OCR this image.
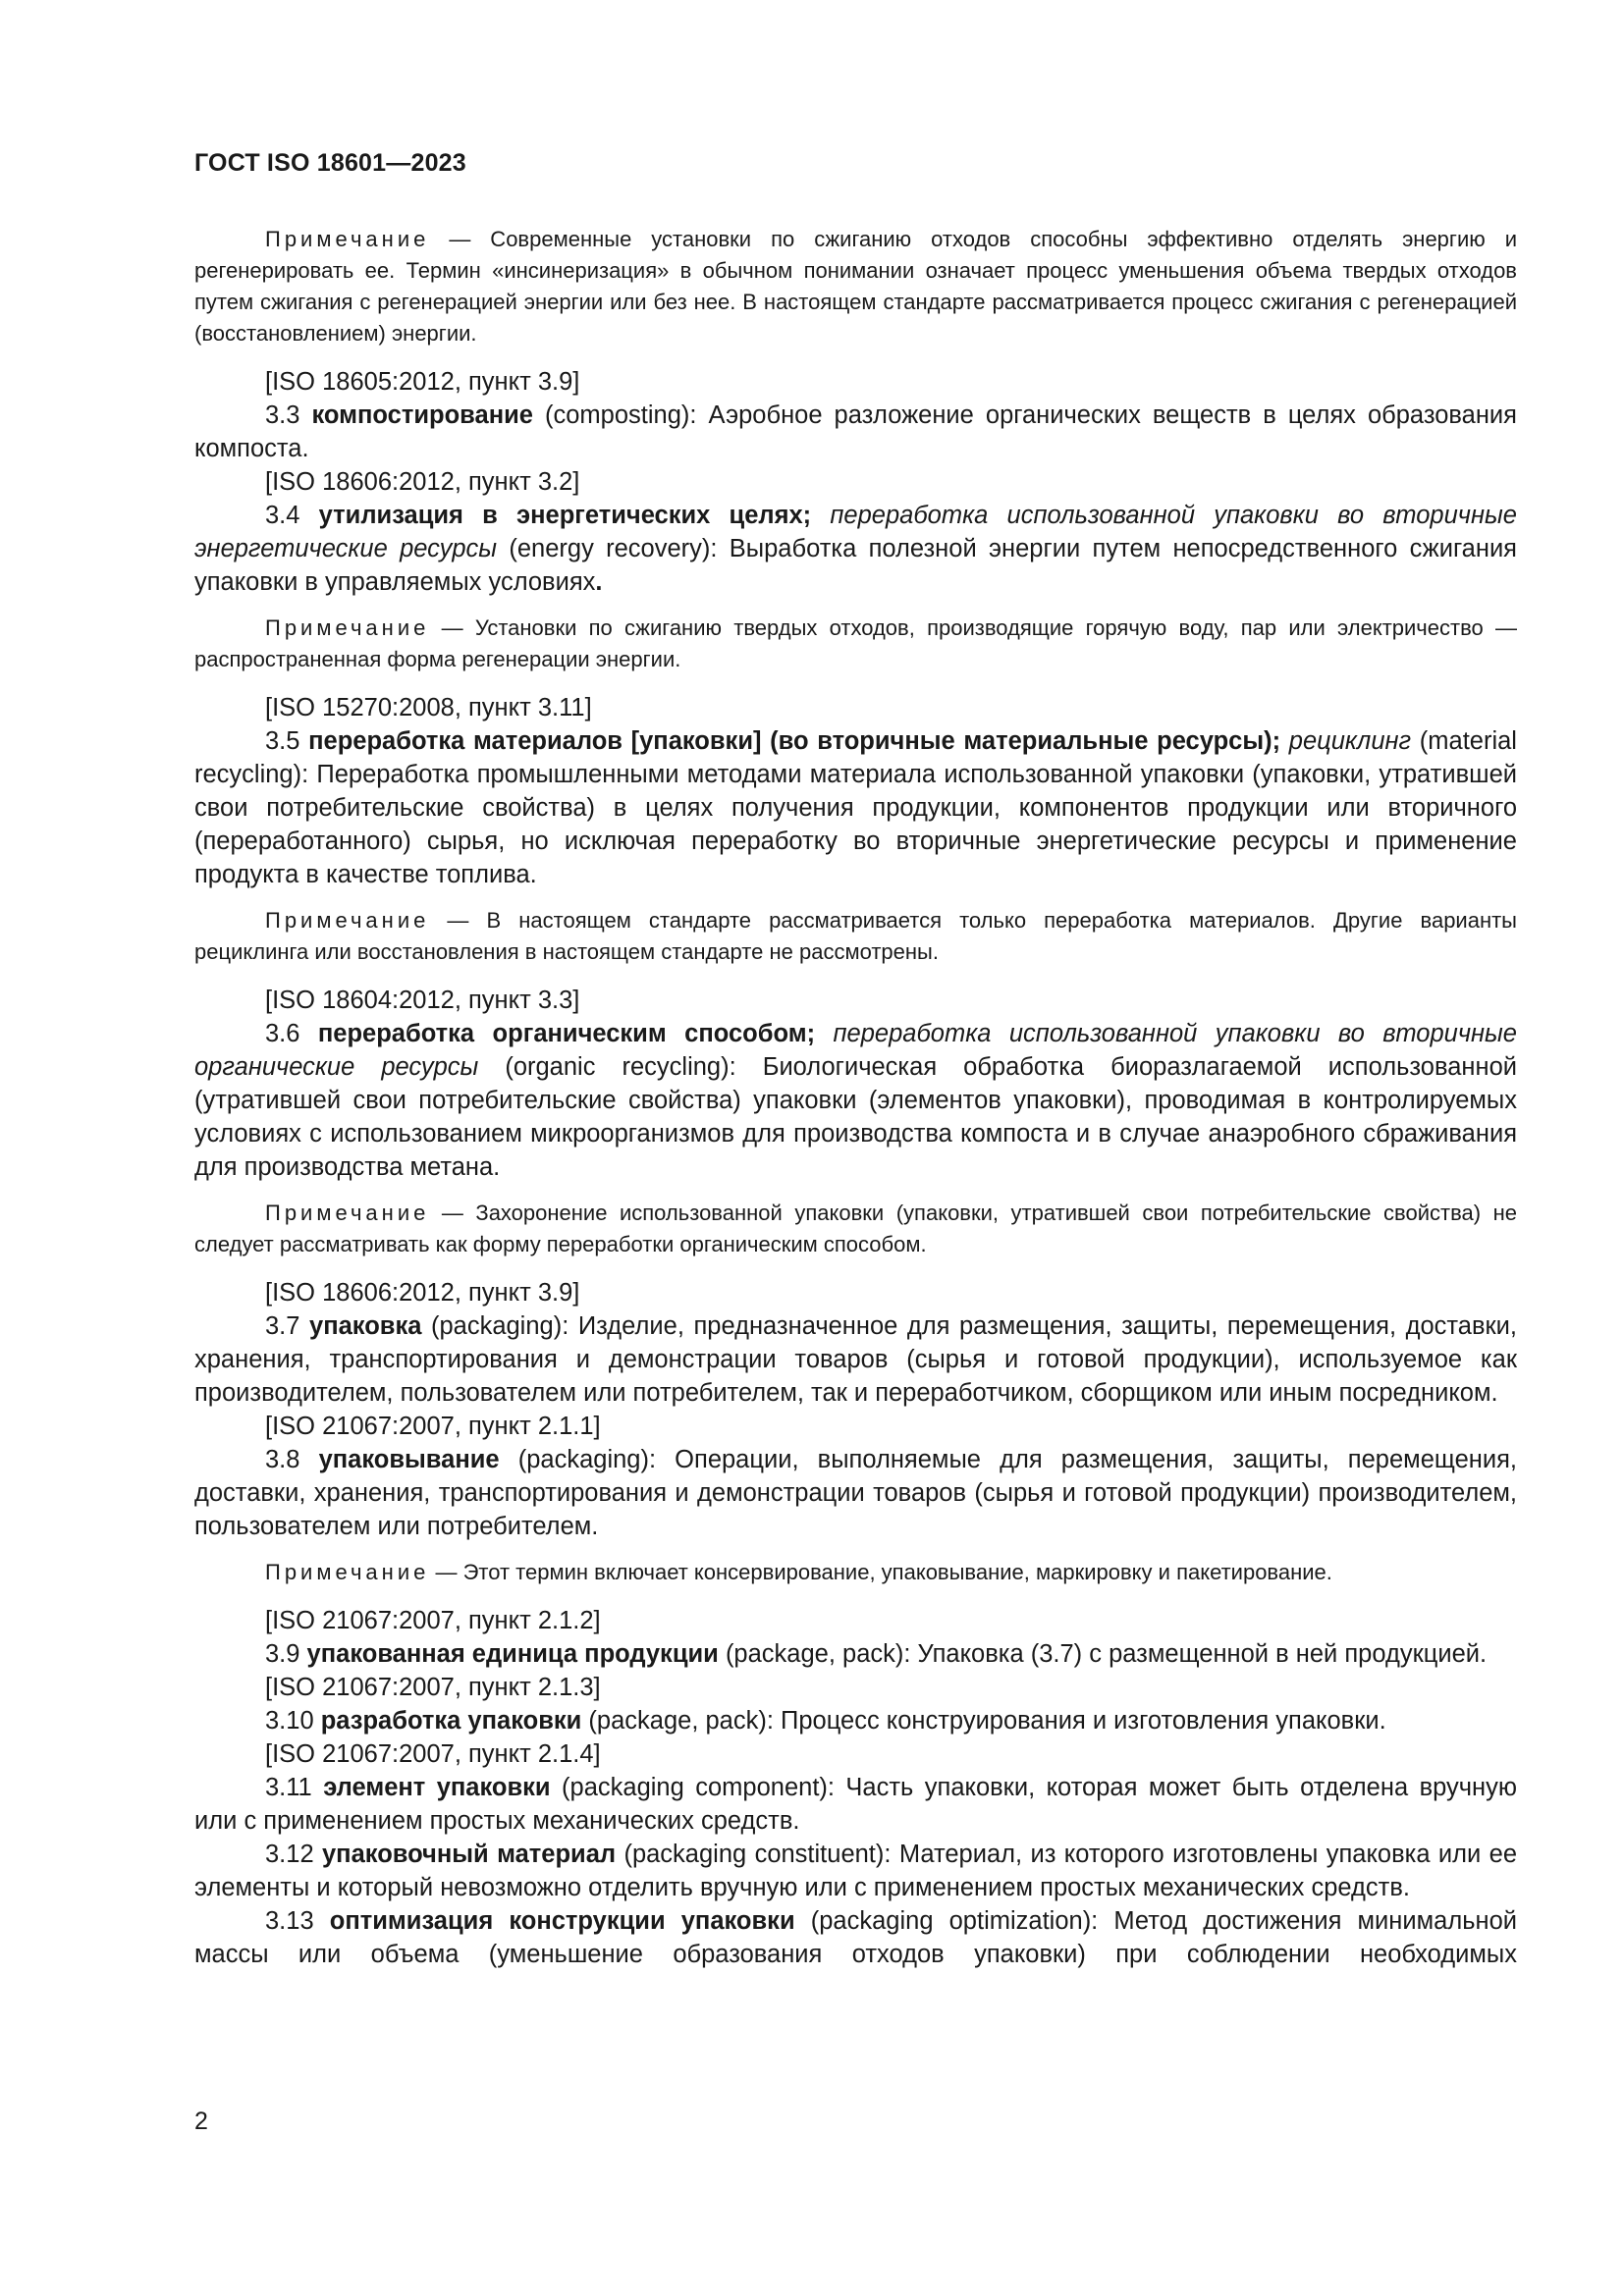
ГОСТ ISO 18601—2023

Примечание — Современные установки по сжиганию отходов способны эффективно отделять энергию и регенерировать ее. Термин «инсинеризация» в обычном понимании означает процесс уменьшения объема твердых отходов путем сжигания с регенерацией энергии или без нее. В настоящем стандарте рассматривается процесс сжигания с регенерацией (восстановлением) энергии.

[ISO 18605:2012, пункт 3.9]

3.3 компостирование (composting): Аэробное разложение органических веществ в целях образования компоста.

[ISO 18606:2012, пункт 3.2]

3.4 утилизация в энергетических целях; переработка использованной упаковки во вторичные энергетические ресурсы (energy recovery): Выработка полезной энергии путем непосредственного сжигания упаковки в управляемых условиях.

Примечание — Установки по сжиганию твердых отходов, производящие горячую воду, пар или электричество — распространенная форма регенерации энергии.

[ISO 15270:2008, пункт 3.11]

3.5 переработка материалов [упаковки] (во вторичные материальные ресурсы); рециклинг (material recycling): Переработка промышленными методами материала использованной упаковки (упаковки, утратившей свои потребительские свойства) в целях получения продукции, компонентов продукции или вторичного (переработанного) сырья, но исключая переработку во вторичные энергетические ресурсы и применение продукта в качестве топлива.

Примечание — В настоящем стандарте рассматривается только переработка материалов. Другие варианты рециклинга или восстановления в настоящем стандарте не рассмотрены.

[ISO 18604:2012, пункт 3.3]

3.6 переработка органическим способом; переработка использованной упаковки во вторичные органические ресурсы (organic recycling): Биологическая обработка биоразлагаемой использованной (утратившей свои потребительские свойства) упаковки (элементов упаковки), проводимая в контролируемых условиях с использованием микроорганизмов для производства компоста и в случае анаэробного сбраживания для производства метана.

Примечание — Захоронение использованной упаковки (упаковки, утратившей свои потребительские свойства) не следует рассматривать как форму переработки органическим способом.

[ISO 18606:2012, пункт 3.9]

3.7 упаковка (packaging): Изделие, предназначенное для размещения, защиты, перемещения, доставки, хранения, транспортирования и демонстрации товаров (сырья и готовой продукции), используемое как производителем, пользователем или потребителем, так и переработчиком, сборщиком или иным посредником.

[ISO 21067:2007, пункт 2.1.1]

3.8 упаковывание (packaging): Операции, выполняемые для размещения, защиты, перемещения, доставки, хранения, транспортирования и демонстрации товаров (сырья и готовой продукции) производителем, пользователем или потребителем.

Примечание — Этот термин включает консервирование, упаковывание, маркировку и пакетирование.

[ISO 21067:2007, пункт 2.1.2]

3.9 упакованная единица продукции (package, pack): Упаковка (3.7) с размещенной в ней продукцией.

[ISO 21067:2007, пункт 2.1.3]

3.10 разработка упаковки (package, pack): Процесс конструирования и изготовления упаковки.

[ISO 21067:2007, пункт 2.1.4]

3.11 элемент упаковки (packaging component): Часть упаковки, которая может быть отделена вручную или с применением простых механических средств.

3.12 упаковочный материал (packaging constituent): Материал, из которого изготовлены упаковка или ее элементы и который невозможно отделить вручную или с применением простых механических средств.

3.13 оптимизация конструкции упаковки (packaging optimization): Метод достижения минимальной массы или объема (уменьшение образования отходов упаковки) при соблюдении необходимых

2
